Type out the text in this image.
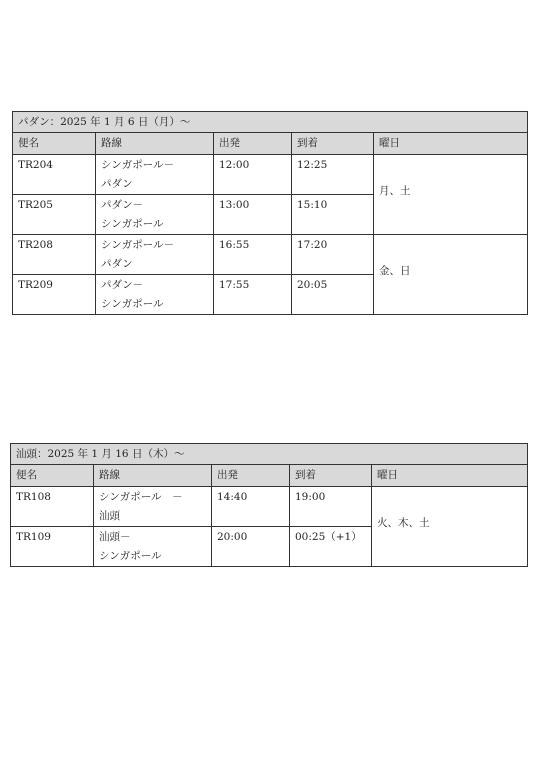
パダン：2025 年 1 月 6 日（月）～				
便名	路線	出発	到着	曜日
TR204	シンガポール－
パダン	12:00	12:25	月、土
TR205	パダン－
シンガポール	13:00	15:10	
TR208	シンガポール－
パダン	16:55	17:20	金、日
TR209	パダン－
シンガポール	17:55	20:05	
汕頭：2025 年 1 月 16 日（木）～				
便名	路線	出発	到着	曜日
TR108	シンガポール　－
汕頭	14:40	19:00	火、木、土
TR109	汕頭－
シンガポール	20:00	00:25（+1）	
